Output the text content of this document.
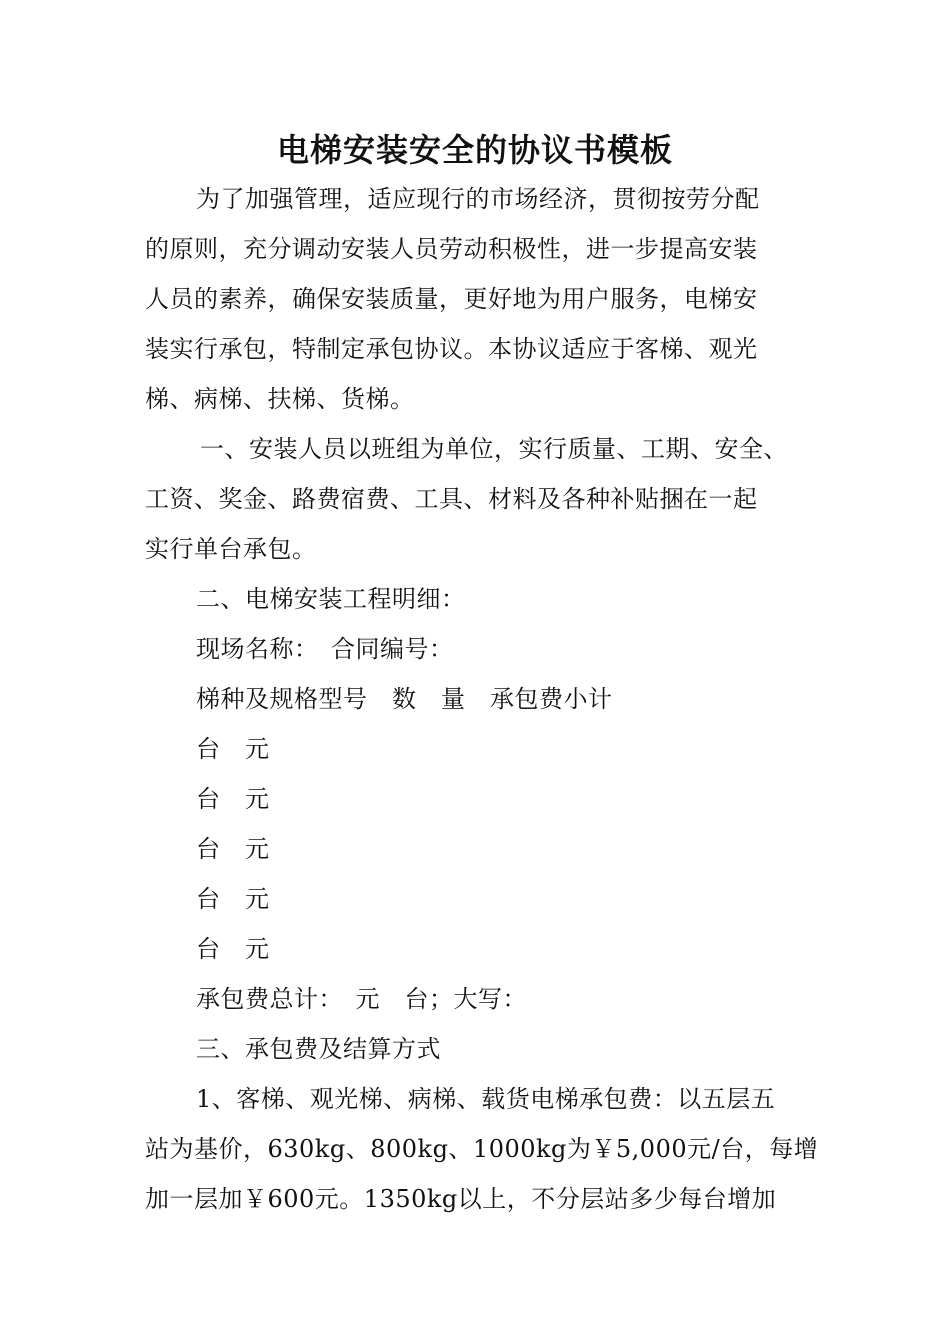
电梯安装安全的协议书模板
为了加强管理，适应现行的市场经济，贯彻按劳分配
的原则，充分调动安装人员劳动积极性，进一步提高安装
人员的素养，确保安装质量，更好地为用户服务，电梯安
装实行承包，特制定承包协议。本协议适应于客梯、观光
梯、病梯、扶梯、货梯。
一、安装人员以班组为单位，实行质量、工期、安全、
工资、奖金、路费宿费、工具、材料及各种补贴捆在一起
实行单台承包。
二、电梯安装工程明细：
现场名称：　合同编号：
梯种及规格型号　数　量　承包费小计
台　元
台　元
台　元
台　元
台　元
承包费总计：　元　台；大写：
三、承包费及结算方式
1、客梯、观光梯、病梯、载货电梯承包费：以五层五
站为基价，630kg、800kg、1000kg为￥5,000元/台，每增
加一层加￥600元。1350kg以上，不分层站多少每台增加
